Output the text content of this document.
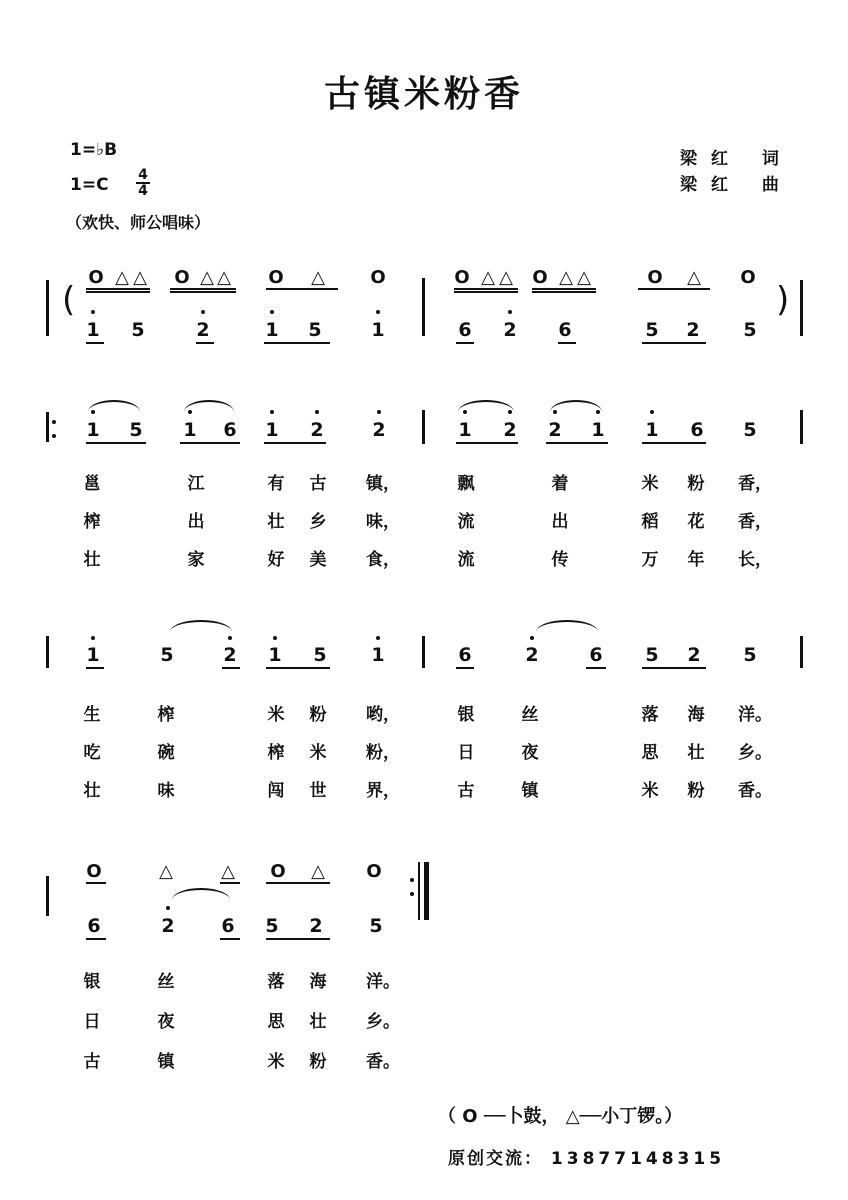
古镇米粉香
1=♭B
$1=C \frac{4}{4}$
（欢快、师公唱味）
梁红 词
梁红 曲
（ O ──卜鼓， △──小丁锣。）
原创交流： 13877148315
O △ △ O △ △ O △	O	O △ △ O △ △	O △ O
1 5	2	1 5	1	6 2 6	5 2 5
(	)
1 5 1 6 1 2	2	1 2 2 1 1 6 5
邕	江	有 古 镇，	飘	着	米 粉 香，
榨	出	壮 乡 味，	流	出	稻 花 香，
壮	家	好 美 食，	流	传	万 年 长，
1	5	2 1 5 1	6	2	6 5 2 5
生	榨	米 粉 哟，	银	丝	落 海 洋。
吃	碗	榨 米 粉，	日	夜	思 壮 乡。
壮	味	闯 世 界，	古	镇	米 粉 香。
O	△	△ O △ O
6	2 6 5 2 5
银	丝	落 海 洋。
日	夜	思 壮 乡。
古	镇	米 粉 香。
